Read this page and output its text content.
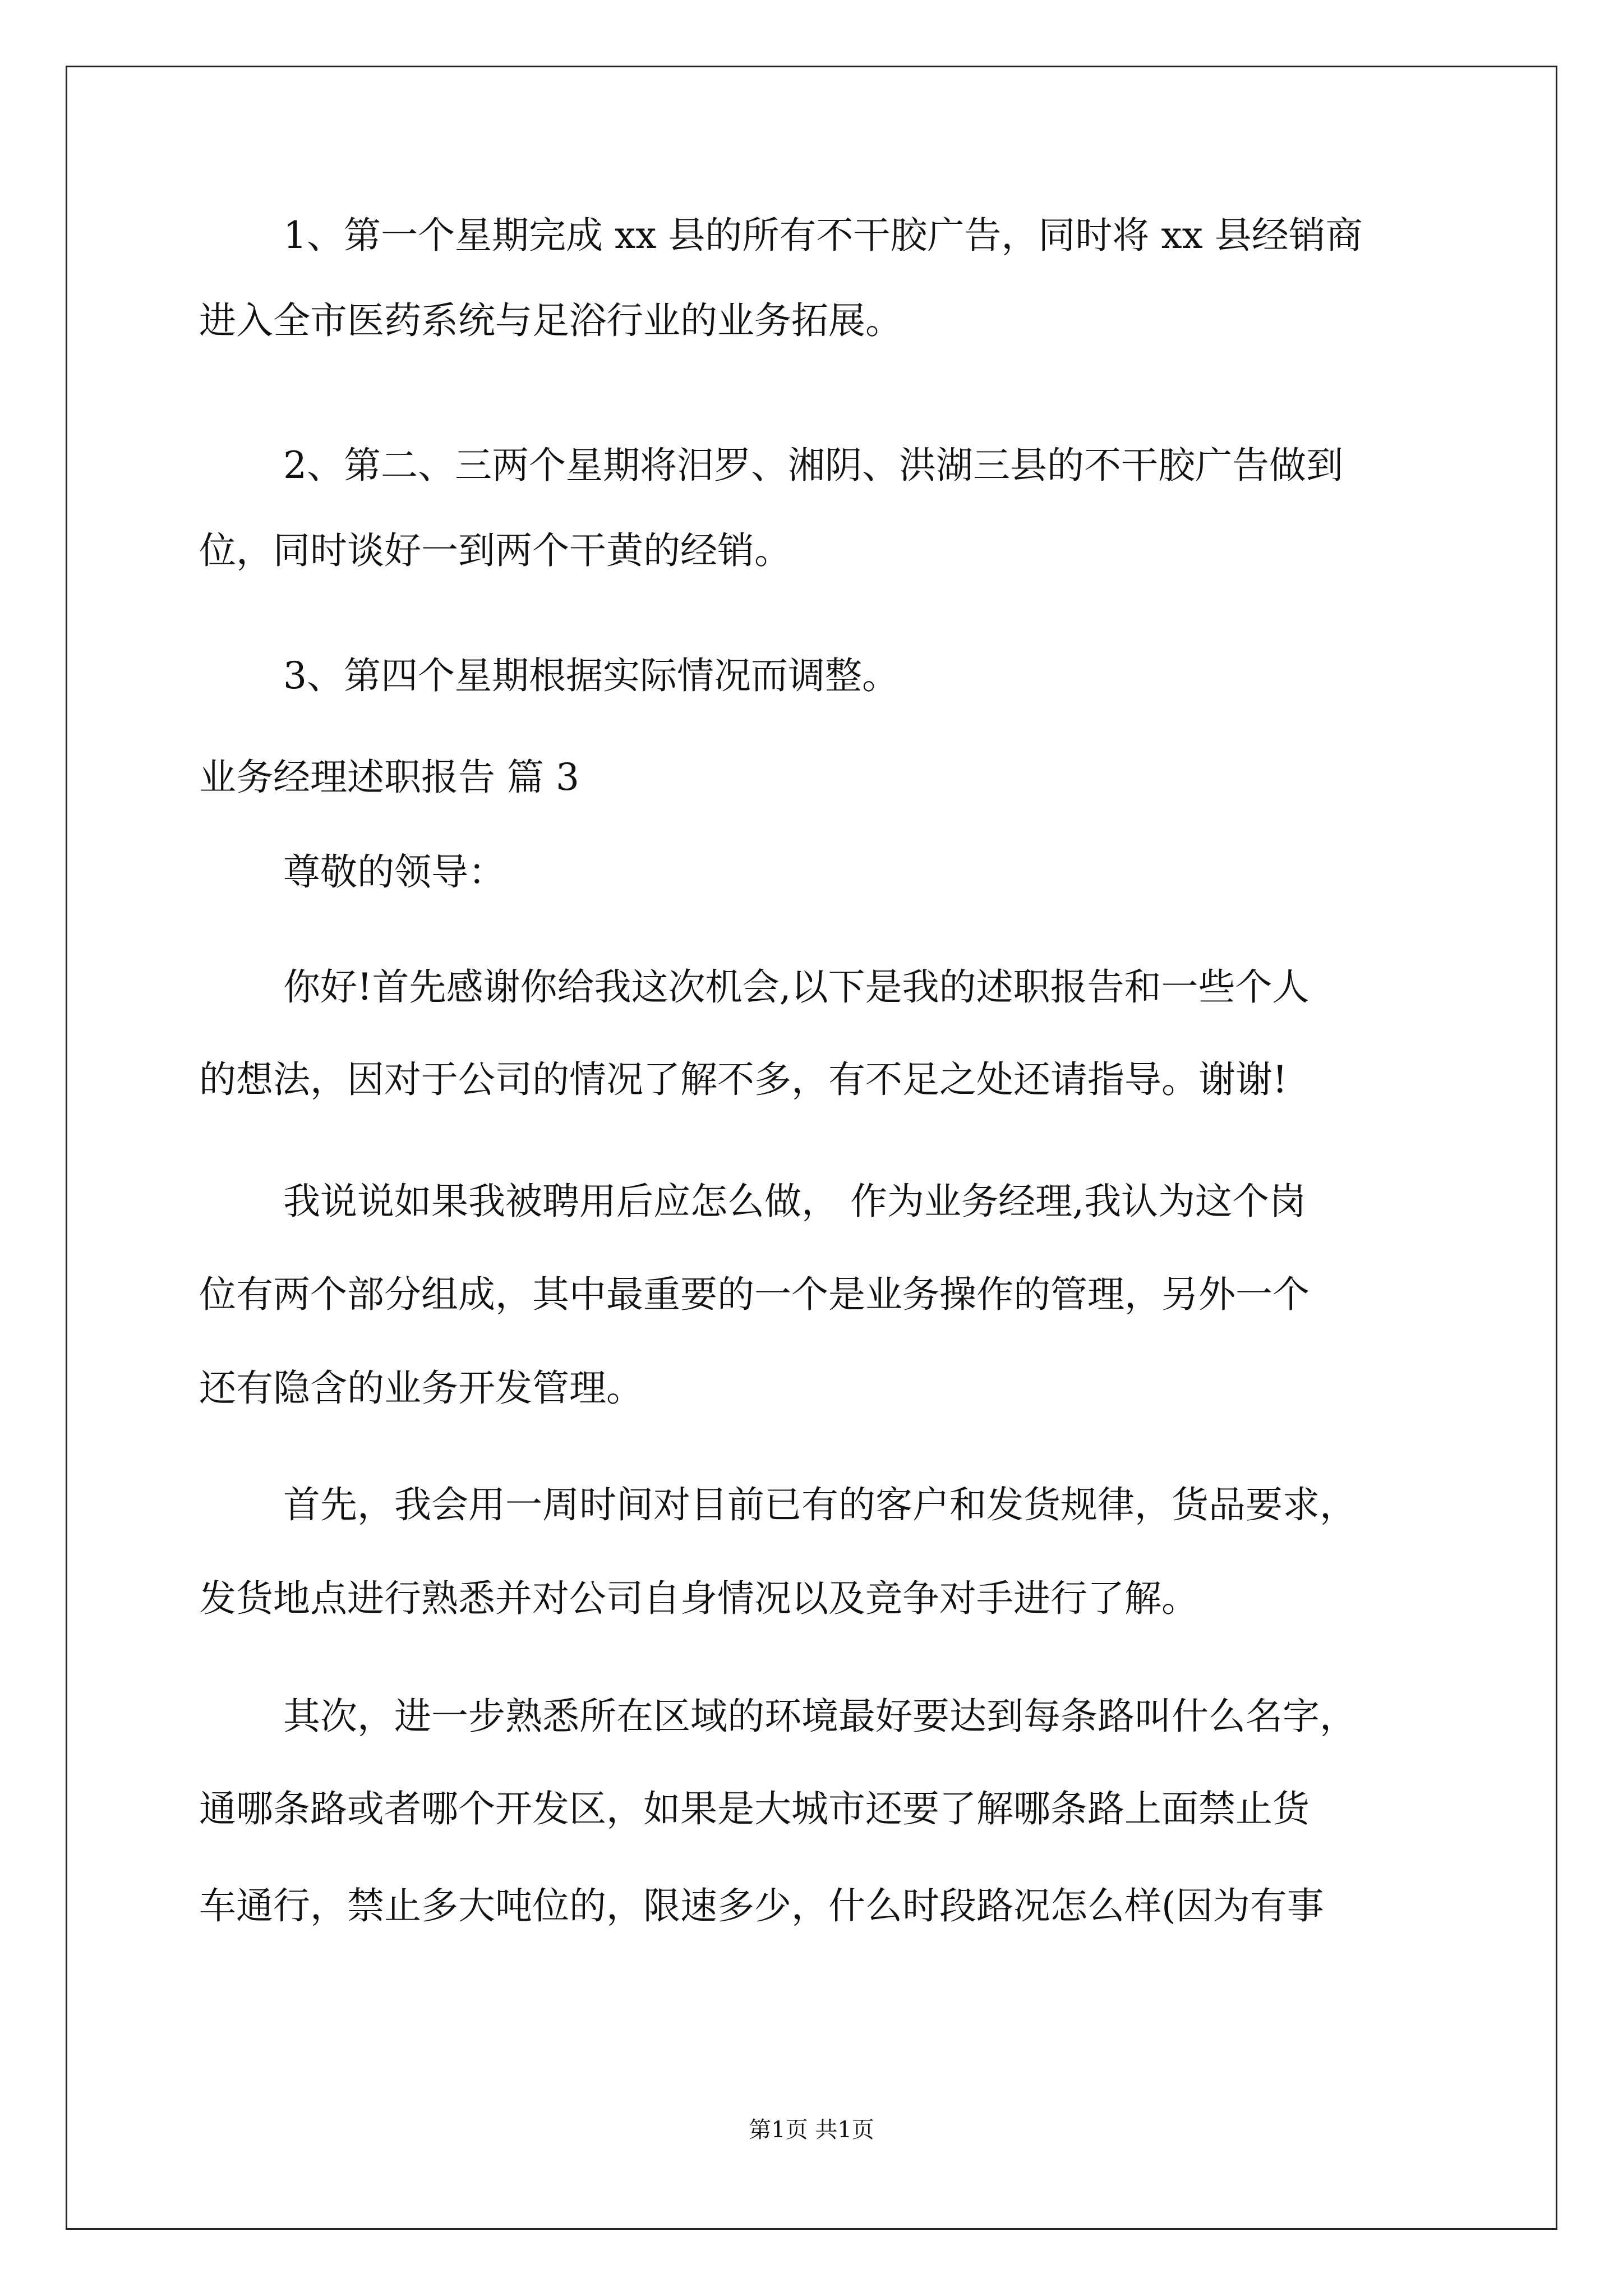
1、第一个星期完成 xx 县的所有不干胶广告，同时将 xx 县经销商
进入全市医药系统与足浴行业的业务拓展。
2、第二、三两个星期将汨罗、湘阴、洪湖三县的不干胶广告做到
位，同时谈好一到两个干黄的经销。
3、第四个星期根据实际情况而调整。
业务经理述职报告 篇 3
尊敬的领导：
你好!首先感谢你给我这次机会,以下是我的述职报告和一些个人
的想法，因对于公司的情况了解不多，有不足之处还请指导。谢谢!
我说说如果我被聘用后应怎么做， 作为业务经理,我认为这个岗
位有两个部分组成，其中最重要的一个是业务操作的管理，另外一个
还有隐含的业务开发管理。
首先，我会用一周时间对目前已有的客户和发货规律，货品要求，
发货地点进行熟悉并对公司自身情况以及竞争对手进行了解。
其次，进一步熟悉所在区域的环境最好要达到每条路叫什么名字，
通哪条路或者哪个开发区，如果是大城市还要了解哪条路上面禁止货
车通行，禁止多大吨位的，限速多少，什么时段路况怎么样(因为有事
第1页 共1页
